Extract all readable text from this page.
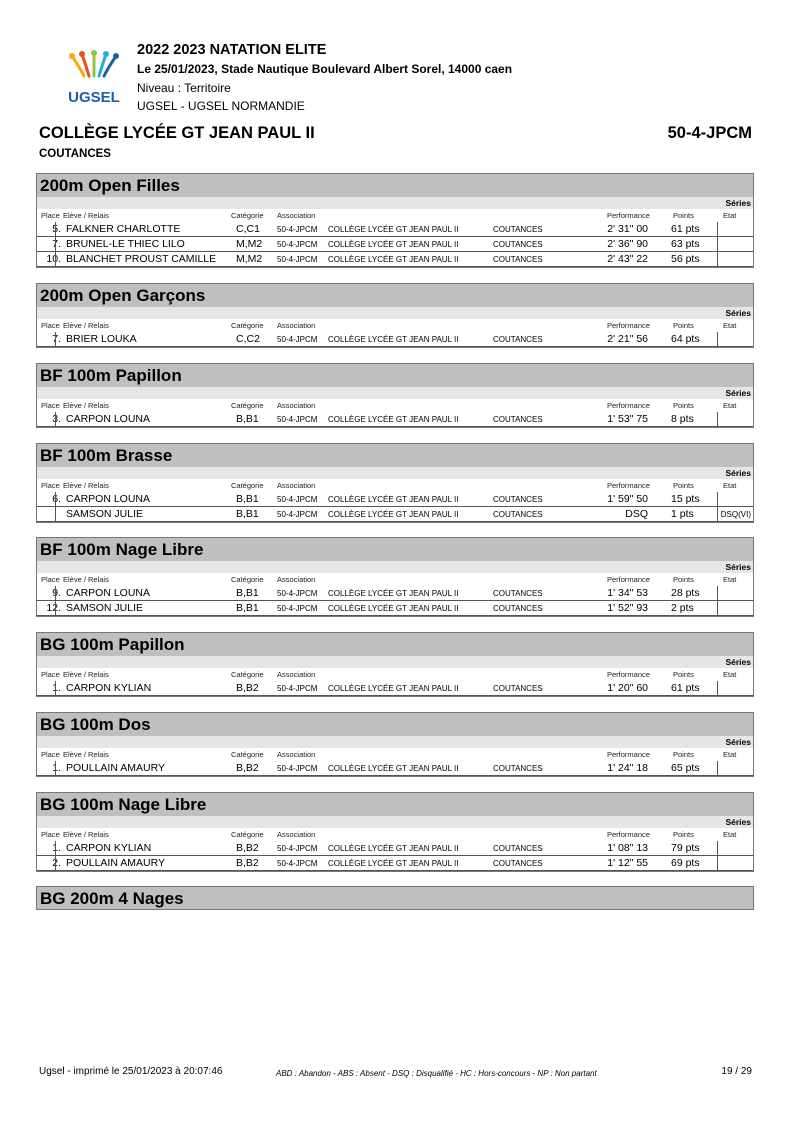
UGSEL
2022 2023 NATATION ELITE
Le 25/01/2023, Stade Nautique Boulevard Albert Sorel, 14000 caen
Niveau : Territoire
UGSEL - UGSEL NORMANDIE
COLLÈGE LYCÉE GT JEAN PAUL II	50-4-JPCM
COUTANCES
200m Open Filles
Séries
Place Elève / Relais	Catégorie Association	Performance	Points	Etat
5. FALKNER CHARLOTTE	C,C1 50-4-JPCM COLLÈGE LYCÉE GT JEAN PAUL II	COUTANCES	2' 31" 00 61 pts
7. BRUNEL-LE THIEC LILO	M,M2 50-4-JPCM COLLÈGE LYCÉE GT JEAN PAUL II	COUTANCES	2' 36" 90 63 pts
10. BLANCHET PROUST CAMILLE M,M2 50-4-JPCM COLLÈGE LYCÉE GT JEAN PAUL II	COUTANCES	2' 43" 22 56 pts
200m Open Garçons
Séries
Place Elève / Relais	Catégorie Association	Performance	Points	Etat
7. BRIER LOUKA	C,C2 50-4-JPCM COLLÈGE LYCÉE GT JEAN PAUL II	COUTANCES	2' 21" 56 64 pts
BF 100m Papillon
Séries
Place Elève / Relais	Catégorie Association	Performance	Points	Etat
3. CARPON LOUNA	B,B1 50-4-JPCM COLLÈGE LYCÉE GT JEAN PAUL II	COUTANCES	1' 53" 75 8 pts
BF 100m Brasse
Séries
Place Elève / Relais	Catégorie Association	Performance	Points	Etat
6. CARPON LOUNA	B,B1 50-4-JPCM COLLÈGE LYCÉE GT JEAN PAUL II	COUTANCES	1' 59" 50 15 pts
SAMSON JULIE	B,B1 50-4-JPCM COLLÈGE LYCÉE GT JEAN PAUL II	COUTANCES	DSQ 1 pts	DSQ(VI)
BF 100m Nage Libre
Séries
Place Elève / Relais	Catégorie Association	Performance	Points	Etat
9. CARPON LOUNA	B,B1 50-4-JPCM COLLÈGE LYCÉE GT JEAN PAUL II	COUTANCES	1' 34" 53 28 pts
12. SAMSON JULIE	B,B1 50-4-JPCM COLLÈGE LYCÉE GT JEAN PAUL II	COUTANCES	1' 52" 93 2 pts
BG 100m Papillon
Séries
Place Elève / Relais	Catégorie Association	Performance	Points	Etat
1. CARPON KYLIAN	B,B2 50-4-JPCM COLLÈGE LYCÉE GT JEAN PAUL II	COUTANCES	1' 20" 60 61 pts
BG 100m Dos
Séries
Place Elève / Relais	Catégorie Association	Performance	Points	Etat
1. POULLAIN AMAURY	B,B2 50-4-JPCM COLLÈGE LYCÉE GT JEAN PAUL II	COUTANCES	1' 24" 18 65 pts
BG 100m Nage Libre
Séries
Place Elève / Relais	Catégorie Association	Performance	Points	Etat
1. CARPON KYLIAN	B,B2 50-4-JPCM COLLÈGE LYCÉE GT JEAN PAUL II	COUTANCES	1' 08" 13 79 pts
2. POULLAIN AMAURY	B,B2 50-4-JPCM COLLÈGE LYCÉE GT JEAN PAUL II	COUTANCES	1' 12" 55 69 pts
BG 200m 4 Nages
Ugsel - imprimé le 25/01/2023 à 20:07:46	ABD : Abandon - ABS : Absent - DSQ : Disqualifié - HC : Hors-concours - NP : Non partant	19 / 29
